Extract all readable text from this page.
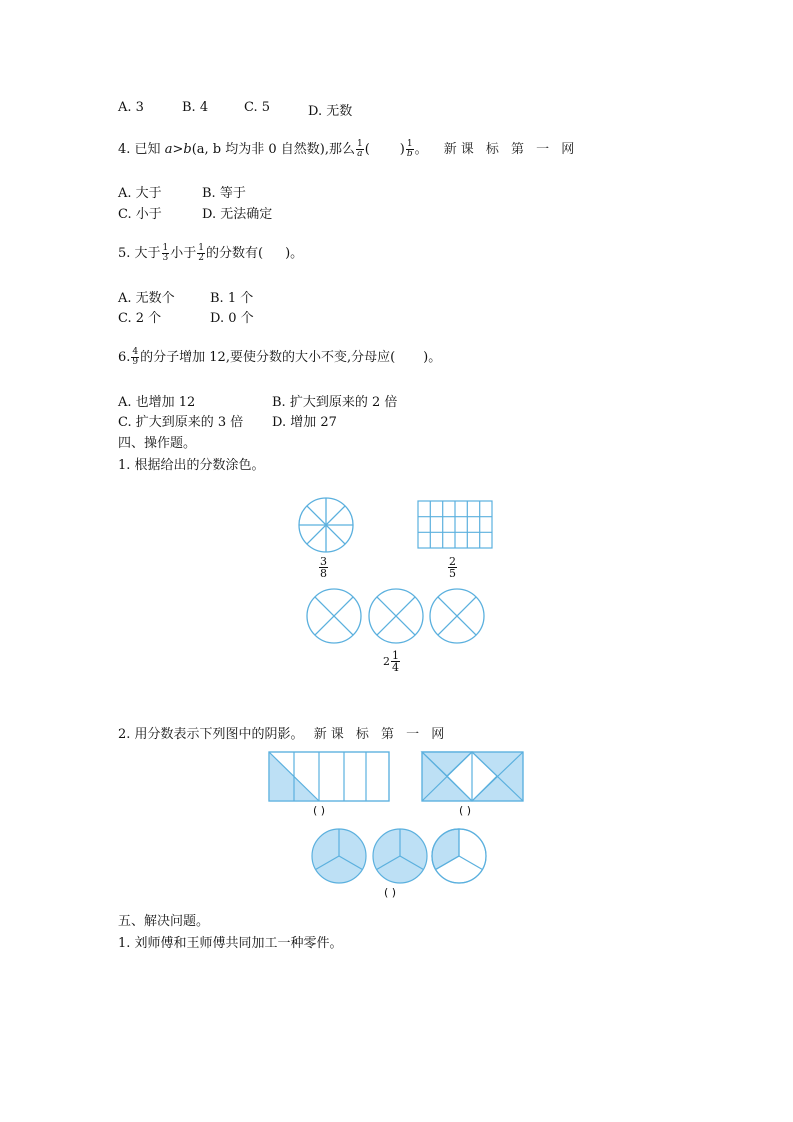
A. 3	B. 4	C. 5	D. 无数
4. 已知 a>b(a, b 均为非 0 自然数),那么 $\frac{1}{a}$ ( ) $\frac{1}{b}$ 。 新课 标 第 一 网
A. 大于	B. 等于
C. 小于	D. 无法确定
5. 大于 $\frac{1}{3}$ 小于 $\frac{1}{2}$ 的分数有( )。
A. 无数个	B. 1 个
C. 2 个	D. 0 个
6. $\frac{4}{9}$ 的分子增加 12,要使分数的大小不变,分母应( )。
A. 也增加 12	B. 扩大到原来的 2 倍
C. 扩大到原来的 3 倍 D. 增加 27
四、操作题。
1. 根据给出的分数涂色。
$\frac{3}{8}$	$\frac{2}{5}$
$2 \frac{1}{4}$
2. 用分数表示下列图中的阴影。 新课 标 第 一 网
( )	( )
( )
五、解决问题。
1. 刘师傅和王师傅共同加工一种零件。
